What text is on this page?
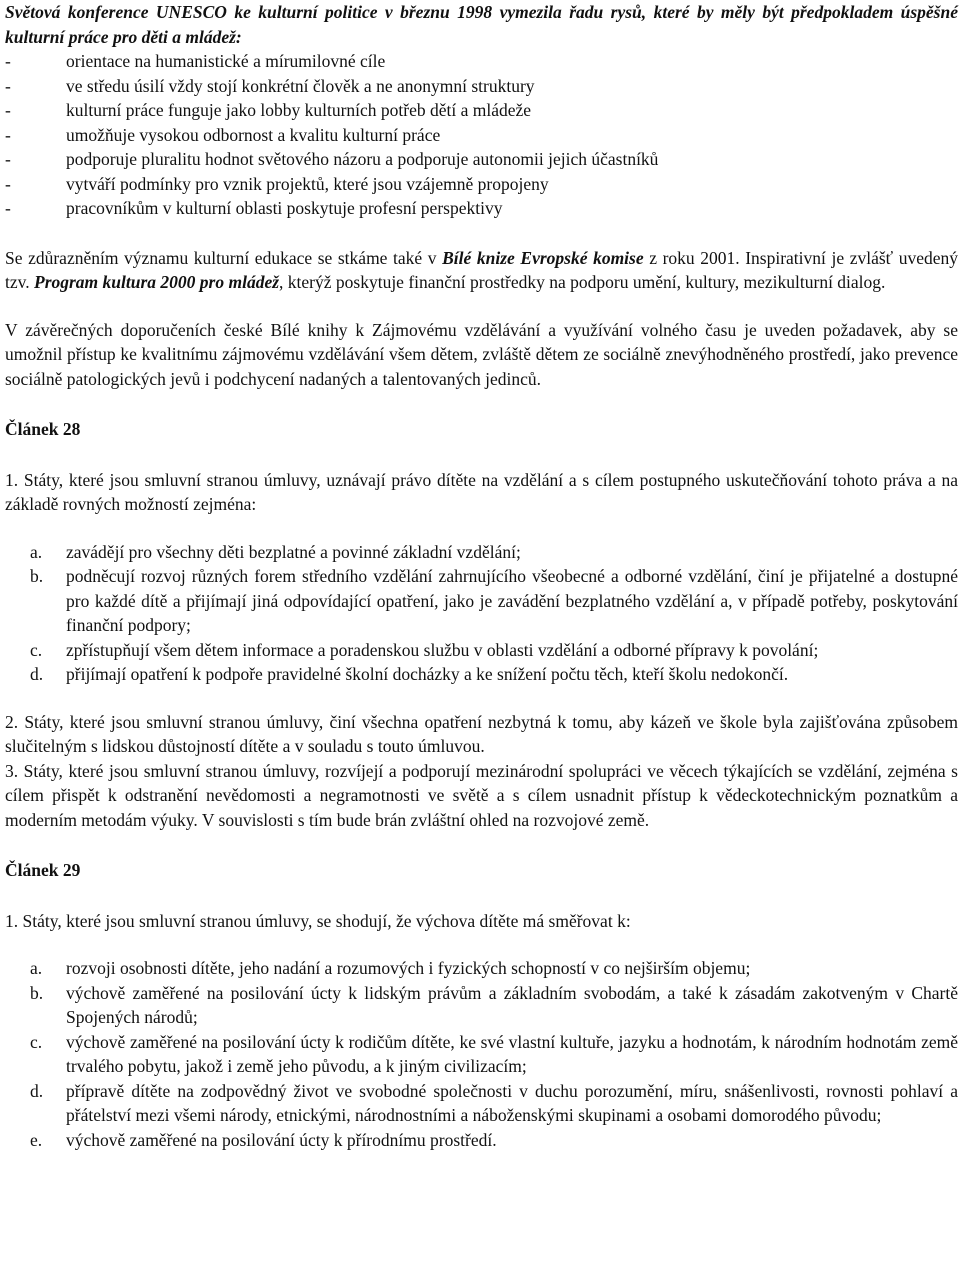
Světová konference UNESCO ke kulturní politice v březnu 1998 vymezila řadu rysů, které by měly být předpokladem úspěšné kulturní práce pro děti a mládež:

-	orientace na humanistické a mírumilovné cíle
-	ve středu úsilí vždy stojí konkrétní člověk a ne anonymní struktury
-	kulturní práce funguje jako lobby kulturních potřeb dětí a mládeže
-	umožňuje vysokou odbornost a kvalitu kulturní práce
-	podporuje pluralitu hodnot světového názoru a podporuje autonomii jejich účastníků
-	vytváří podmínky pro vznik projektů, které jsou vzájemně propojeny
-	pracovníkům v kulturní oblasti poskytuje profesní perspektivy

Se zdůrazněním významu kulturní edukace se stkáme také v Bílé knize Evropské komise z roku 2001. Inspirativní je zvlášť uvedený tzv. Program kultura 2000 pro mládež, kterýž poskytuje finanční prostředky na podporu umění, kultury, mezikulturní dialog.

V závěrečných doporučeních české Bílé knihy k Zájmovému vzdělávání a využívání volného času je uveden požadavek, aby se umožnil přístup ke kvalitnímu zájmovému vzdělávání všem dětem, zvláště dětem ze sociálně znevýhodněného prostředí, jako prevence sociálně patologických jevů i podchycení nadaných a talentovaných jedinců.

Článek 28

1. Státy, které jsou smluvní stranou úmluvy, uznávají právo dítěte na vzdělání a s cílem postupného uskutečňování tohoto práva a na základě rovných možností zejména:

a. zavádějí pro všechny děti bezplatné a povinné základní vzdělání;
b. podněcují rozvoj různých forem středního vzdělání zahrnujícího všeobecné a odborné vzdělání, činí je přijatelné a dostupné pro každé dítě a přijímají jiná odpovídající opatření, jako je zavádění bezplatného vzdělání a, v případě potřeby, poskytování finanční podpory;
c. zpřístupňují všem dětem informace a poradenskou službu v oblasti vzdělání a odborné přípravy k povolání;
d. přijímají opatření k podpoře pravidelné školní docházky a ke snížení počtu těch, kteří školu nedokončí.

2. Státy, které jsou smluvní stranou úmluvy, činí všechna opatření nezbytná k tomu, aby kázeň ve škole byla zajišťována způsobem slučitelným s lidskou důstojností dítěte a v souladu s touto úmluvou.

3. Státy, které jsou smluvní stranou úmluvy, rozvíjejí a podporují mezinárodní spolupráci ve věcech týkajících se vzdělání, zejména s cílem přispět k odstranění nevědomosti a negramotnosti ve světě a s cílem usnadnit přístup k vědeckotechnickým poznatkům a moderním metodám výuky. V souvislosti s tím bude brán zvláštní ohled na rozvojové země.

Článek 29

1. Státy, které jsou smluvní stranou úmluvy, se shodují, že výchova dítěte má směřovat k:

a. rozvoji osobnosti dítěte, jeho nadání a rozumových i fyzických schopností v co nejširším objemu;
b. výchově zaměřené na posilování úcty k lidským právům a základním svobodám, a také k zásadám zakotveným v Chartě Spojených národů;
c. výchově zaměřené na posilování úcty k rodičům dítěte, ke své vlastní kultuře, jazyku a hodnotám, k národním hodnotám země trvalého pobytu, jakož i země jeho původu, a k jiným civilizacím;
d. přípravě dítěte na zodpovědný život ve svobodné společnosti v duchu porozumění, míru, snášenlivosti, rovnosti pohlaví a přátelství mezi všemi národy, etnickými, národnostními a náboženskými skupinami a osobami domorodého původu;
e. výchově zaměřené na posilování úcty k přírodnímu prostředí.
